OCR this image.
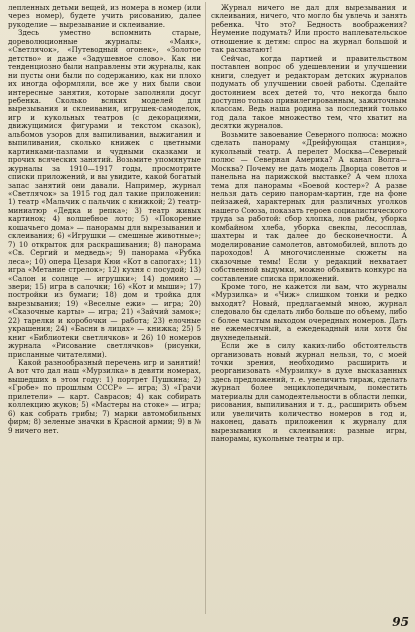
лепленных детьми вещей, из номера в номер (или через номер), будете учить рисованию, далее рукоделие — вырезывание и склеивание.

Здесь уместно вспомнить старые, дореволюционные журналы: «Маяк», «Светлячок», «Путеводный огонек», «Золотое детство» и даже «Задушевное слово». Как ни тенденциозно были направлены эти журналы, как ни пусты они были по содержанию, как ни плохо их иногда оформляли, все же у них были свои интересные занятия, которые заполняли досуг ребенка. Сколько всяких моделей для вырезывания и склеивания, игрушек-самоделок, игр и кукольных театров (с декорациями, движущимися фигурами и текстом сказок), альбомов узоров для выпиливания, выжигания и выпиливания, сколько книжек с цветными картинками-пазлами и чудными сказками и прочих всяческих занятий. Возьмите упомянутые журналы за 1910—1917 годы, просмотрите списки приложений, и вы увидите, какой богатый запас занятий они давали. Например, журнал «Светлячок» за 1915 год дал такие приложения: 1) театр «Мальчик с пальчик с книжкой; 2) театр-миниатюр «Дедка и репка»; 3) театр живых картинок; 4) волшебное лото; 5) «Покорение кошачьего дома» — панорамы для вырезывания и склеивания; 6) «Игрушки — смешные животные»; 7) 10 открыток для раскрашивания; 8) панорама «Св. Сергий и медведь»; 9) панорама «Рубка леса»; 10) опера Цезаря Кюи «Кот в сапогах»; 11) игра «Метание стрелок»; 12) кухня с посудой; 13) «Салон и солнце — игрушки»; 14) домино — звери; 15) игра в салочки; 16) «Кот и мыши»; 17) постройки из бумаги; 18) дом и тройка для вырезывания; 19) «Веселые ежи» — игра; 20) «Сказочные карты» — игра; 21) «Зайчий замок»; 22) тарелки и коробочки — работа; 23) елочные украшения; 24) «Басни в лицах» — книжка; 25) 5 книг «Библиотеки светлячков» и 26) 10 номеров журнала «Рисование светлячков» (рисунки, присланные читателями).

Какой разнообразный перечень игр и занятий! А вот что дал наш «Мурзилка» в девяти номерах, вышедших в этом году: 1) портрет Пушкина; 2) «Гробе» по прошлым СССР» — игра; 3) «Грачи прилетели» — карт. Саврасов; 4) как собирать коллекцию жуков; 5) «Мастеры на стоке» — игра; 6) как собрать грибы; 7) марки автомобильных фирм; 8) зеленые значки в Красной армии; 9) в № 9 ничего нет.

Журнал ничего не дал для вырезывания и склеивания, ничего, что могло бы увлечь и занять ребенка. Что это? Бедность воображения? Неумение подумать? Или просто наплевательское отношение к детям: спрос на журнал большой и так расхватают!

Сейчас, когда партией и правительством поставлен вопрос об удешевлении и улучшении книги, следует и редакторам детских журналов подумать об улучшении своей работы. Сделайте достоянием всех детей то, что некогда было доступно только привилегированным, зажиточным классам. Ведь наша родина за последний только год дала такое множество тем, что хватит на десятки журналов.

Возьмите завоевание Северного полюса: можно сделать панораму «Дрейфующая станция», кукольный театр. А перелет Москва—Северный полюс — Северная Америка? А канал Волга—Москва? Почему не дать модель Дворца советов и панельна на парижской выставке? А чем плоха тема для панорамы «Боевой костер»? А разве нельзя дать серию панорам-картин, где на фоне пейзажей, характерных для различных уголков нашего Союза, показать героев социалистического труда за работой: сбор хлопка, лов рыбы, уборка комбайном хлеба, уборка свеклы, лесосплав, шахтеры и так далее до бесконечности. А моделирование самолетов, автомобилей, вплоть до пароходов! А многочисленные сюжеты на сказочные темы! Если у редакций нехватает собственной выдумки, можно объявить конкурс на составление списка приложений.

Кроме того, не кажется ли вам, что журналы «Мурзилка» и «Чиж» слишком тонки и редко выходят? Новый, предлагаемый мною, журнал следовало бы сделать либо больше по объему, либо с более частым выходом очередных номеров. Дать не ежемесячный, а ежедекадный или хотя бы двухнедельный.

Если же в силу каких-либо обстоятельств организовать новый журнал нельзя, то, с моей точки зрения, необходимо расширить и реорганизовать «Мурзилку» в духе высказанных здесь предложений, т. е. увеличить тираж, сделать журнал более энциклопедичным, поместить материалы для самодеятельности в области лепки, рисования, выпиливания и т. д., расширить объем или увеличить количество номеров в год и, наконец, давать приложения к журналу для вырезывания и склеивания: разные игры, панорамы, кукольные театры и пр.

95
